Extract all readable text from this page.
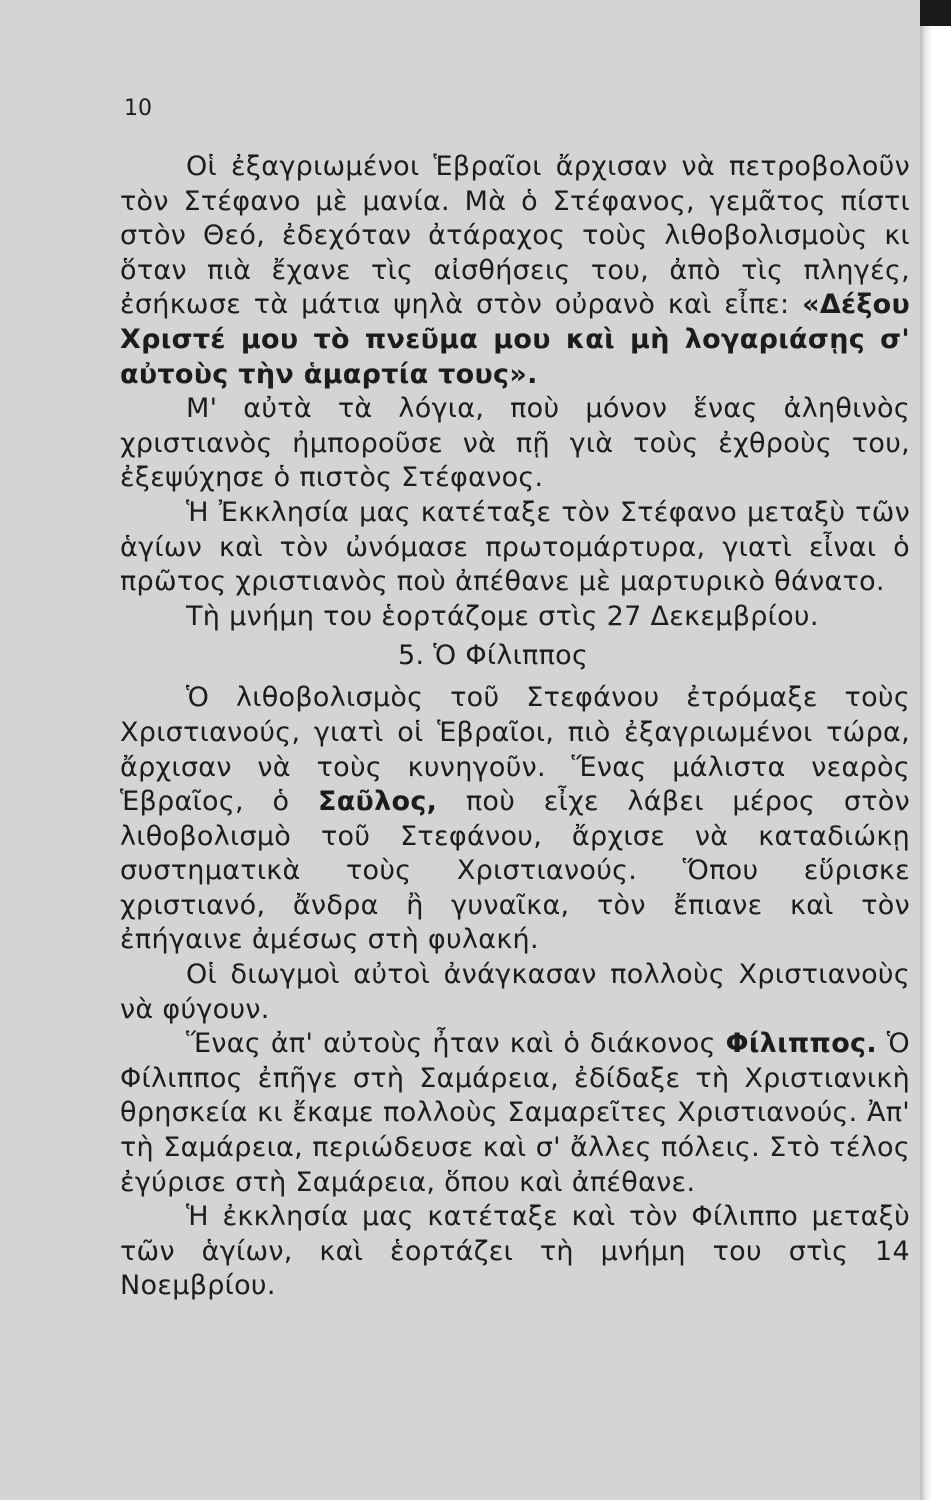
10

Οἱ ἐξαγριωμένοι Ἑβραῖοι ἄρχισαν νὰ πετροβολοῦν τὸν Στέφανο μὲ μανία. Μὰ ὁ Στέφανος, γεμᾶτος πίστι στὸν Θεό, ἐδεχόταν ἀτάραχος τοὺς λιθοβολισμοὺς κι ὅταν πιὰ ἔχανε τὶς αἰσθήσεις του, ἀπὸ τὶς πληγές, ἐσήκωσε τὰ μάτια ψηλὰ στὸν οὐρανὸ καὶ εἶπε: «Δέξου Χριστέ μου τὸ πνεῦμα μου καὶ μὴ λογαριάσῃς σ' αὐτοὺς τὴν ἁμαρτία τους».

Μ' αὐτὰ τὰ λόγια, ποὺ μόνον ἕνας ἀληθινὸς χριστιανὸς ἠμποροῦσε νὰ πῇ γιὰ τοὺς ἐχθροὺς του, ἐξεψύχησε ὁ πιστὸς Στέφανος.

Ἡ Ἐκκλησία μας κατέταξε τὸν Στέφανο μεταξὺ τῶν ἁγίων καὶ τὸν ὠνόμασε πρωτομάρτυρα, γιατὶ εἶναι ὁ πρῶτος χριστιανὸς ποὺ ἀπέθανε μὲ μαρτυρικὸ θάνατο.

Τὴ μνήμη του ἑορτάζομε στὶς 27 Δεκεμβρίου.

5. Ὁ Φίλιππος

Ὁ λιθοβολισμὸς τοῦ Στεφάνου ἐτρόμαξε τοὺς Χριστιανούς, γιατὶ οἱ Ἑβραῖοι, πιὸ ἐξαγριωμένοι τώρα, ἄρχισαν νὰ τοὺς κυνηγοῦν. Ἕνας μάλιστα νεαρὸς Ἑβραῖος, ὁ Σαῦλος, ποὺ εἶχε λάβει μέρος στὸν λιθοβολισμὸ τοῦ Στεφάνου, ἄρχισε νὰ καταδιώκῃ συστηματικὰ τοὺς Χριστιανούς. Ὅπου εὕρισκε χριστιανό, ἄνδρα ἢ γυναῖκα, τὸν ἔπιανε καὶ τὸν ἐπήγαινε ἀμέσως στὴ φυλακή.

Οἱ διωγμοὶ αὐτοὶ ἀνάγκασαν πολλοὺς Χριστιανοὺς νὰ φύγουν.

Ἕνας ἀπ' αὐτοὺς ἦταν καὶ ὁ διάκονος Φίλιππος. Ὁ Φίλιππος ἐπῆγε στὴ Σαμάρεια, ἐδίδαξε τὴ Χριστιανικὴ θρησκεία κι ἔκαμε πολλοὺς Σαμαρεῖτες Χριστιανούς. Ἀπ' τὴ Σαμάρεια, περιώδευσε καὶ σ' ἄλλες πόλεις. Στὸ τέλος ἐγύρισε στὴ Σαμάρεια, ὅπου καὶ ἀπέθανε.

Ἡ ἐκκλησία μας κατέταξε καὶ τὸν Φίλιππο μεταξὺ τῶν ἁγίων, καὶ ἑορτάζει τὴ μνήμη του στὶς 14 Νοεμβρίου.
